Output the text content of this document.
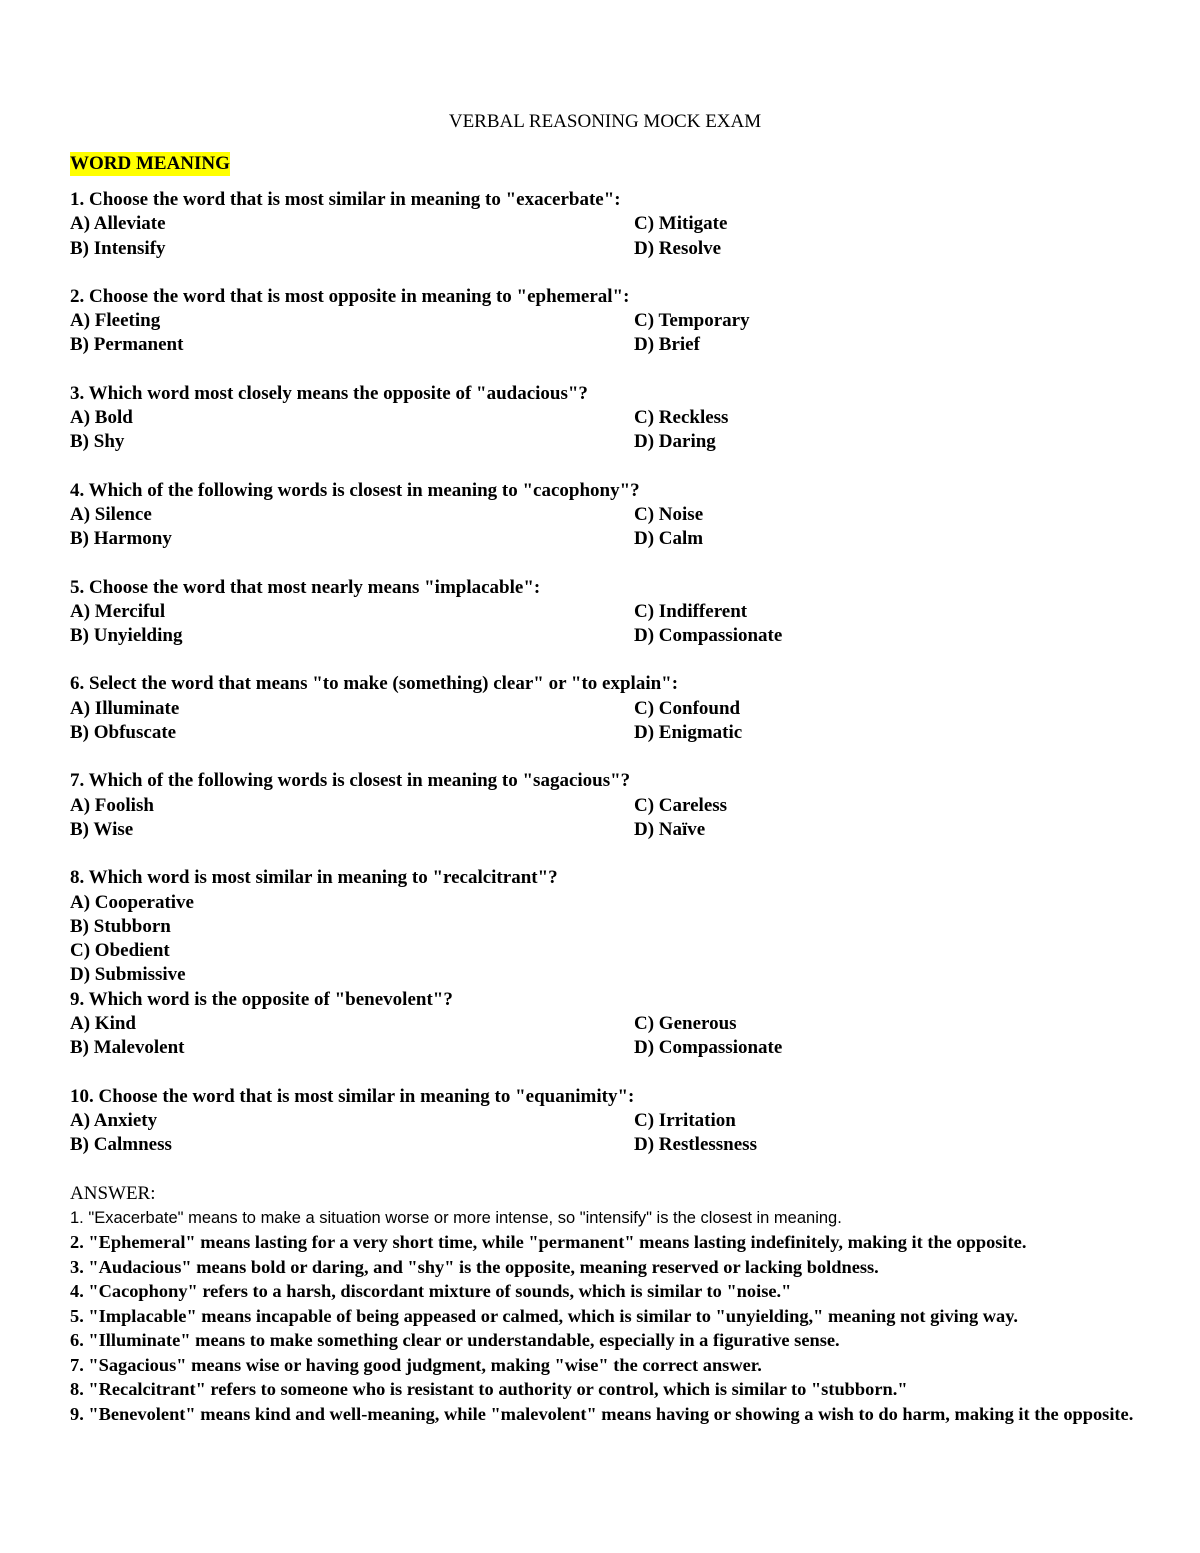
VERBAL REASONING MOCK EXAM
WORD MEANING
1. Choose the word that is most similar in meaning to "exacerbate":
A) Alleviate	C) Mitigate
B) Intensify	D) Resolve
2. Choose the word that is most opposite in meaning to "ephemeral":
A) Fleeting	C) Temporary
B) Permanent	D) Brief
3. Which word most closely means the opposite of "audacious"?
A) Bold	C) Reckless
B) Shy	D) Daring
4. Which of the following words is closest in meaning to "cacophony"?
A) Silence	C) Noise
B) Harmony	D) Calm
5. Choose the word that most nearly means "implacable":
A) Merciful	C) Indifferent
B) Unyielding	D) Compassionate
6. Select the word that means "to make (something) clear" or "to explain":
A) Illuminate	C) Confound
B) Obfuscate	D) Enigmatic
7. Which of the following words is closest in meaning to "sagacious"?
A) Foolish	C) Careless
B) Wise	D) Naïve
8. Which word is most similar in meaning to "recalcitrant"?
A) Cooperative
B) Stubborn
C) Obedient
D) Submissive
9. Which word is the opposite of "benevolent"?
A) Kind	C) Generous
B) Malevolent	D) Compassionate
10. Choose the word that is most similar in meaning to "equanimity":
A) Anxiety	C) Irritation
B) Calmness	D) Restlessness
ANSWER:
1. "Exacerbate" means to make a situation worse or more intense, so "intensify" is the closest in meaning.
2. "Ephemeral" means lasting for a very short time, while "permanent" means lasting indefinitely, making it the opposite.
3. "Audacious" means bold or daring, and "shy" is the opposite, meaning reserved or lacking boldness.
4. "Cacophony" refers to a harsh, discordant mixture of sounds, which is similar to "noise."
5. "Implacable" means incapable of being appeased or calmed, which is similar to "unyielding," meaning not giving way.
6. "Illuminate" means to make something clear or understandable, especially in a figurative sense.
7. "Sagacious" means wise or having good judgment, making "wise" the correct answer.
8. "Recalcitrant" refers to someone who is resistant to authority or control, which is similar to "stubborn."
9. "Benevolent" means kind and well-meaning, while "malevolent" means having or showing a wish to do harm, making it the opposite.
